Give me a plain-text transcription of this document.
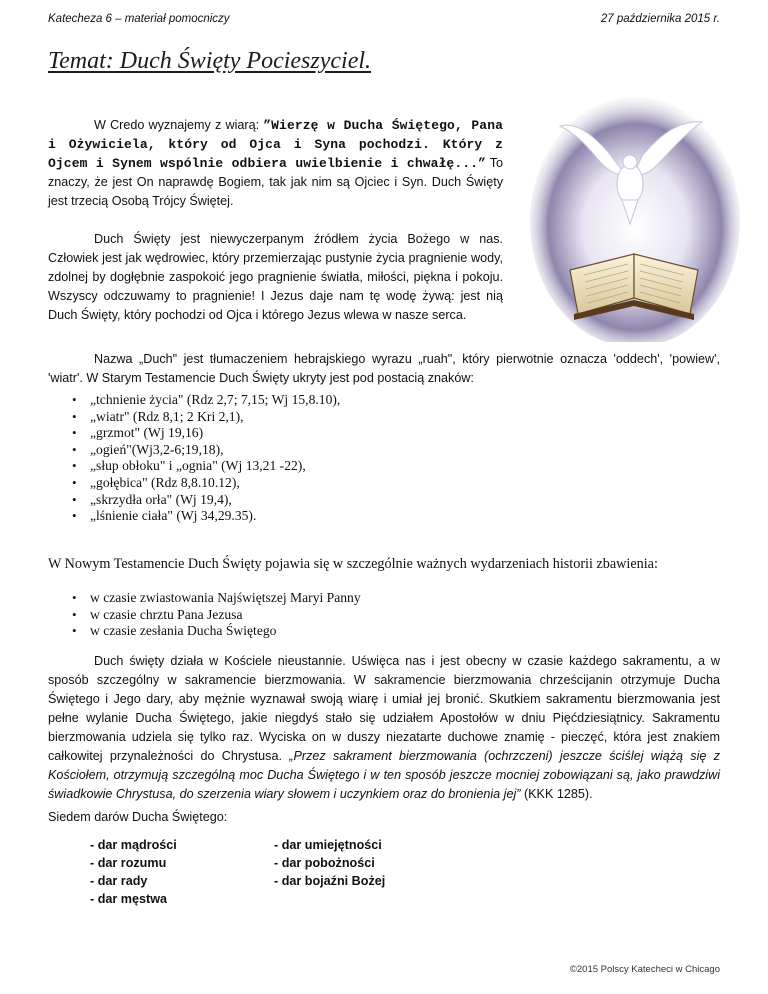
Katecheza 6 – materiał pomocniczy	27 października 2015 r.
Temat: Duch Święty Pocieszyciel.

W Credo wyznajemy z wiarą: ”Wierzę w Ducha Świętego, Pana i Ożywiciela, który od Ojca i Syna pochodzi. Który z Ojcem i Synem wspólnie odbiera uwielbienie i chwałę...” To znaczy, że jest On naprawdę Bogiem, tak jak nim są Ojciec i Syn. Duch Święty jest trzecią Osobą Trójcy Świętej.

Duch Święty jest niewyczerpanym źródłem życia Bożego w nas. Człowiek jest jak wędrowiec, który przemierzając pustynie życia pragnienie wody, zdolnej by dogłębnie zaspokoić jego pragnienie światła, miłości, piękna i pokoju. Wszyscy odczuwamy to pragnienie! I Jezus daje nam tę wodę żywą: jest nią Duch Święty, który pochodzi od Ojca i którego Jezus wlewa w nasze serca.

Nazwa „Duch" jest tłumaczeniem hebrajskiego wyrazu „ruah", który pierwotnie oznacza 'oddech', 'powiew', 'wiatr'. W Starym Testamencie Duch Święty ukryty jest pod postacią znaków:

• „tchnienie życia" (Rdz 2,7; 7,15; Wj 15,8.10),
• „wiatr" (Rdz 8,1; 2 Kri 2,1),
• „grzmot" (Wj 19,16)
• „ogień"(Wj3,2-6;19,18),
• „słup obłoku" i „ognia" (Wj 13,21 -22),
• „gołębica" (Rdz 8,8.10.12),
• „skrzydła orła" (Wj 19,4),
• „lśnienie ciała" (Wj 34,29.35).

W Nowym Testamencie Duch Święty pojawia się w szczególnie ważnych wydarzeniach historii zbawienia:

• w czasie zwiastowania Najświętszej Maryi Panny
• w czasie chrztu Pana Jezusa
• w czasie zesłania Ducha Świętego

Duch święty działa w Kościele nieustannie. Uświęca nas i jest obecny w czasie każdego sakramentu, a w sposób szczególny w sakramencie bierzmowania. W sakramencie bierzmowania chrześcijanin otrzymuje Ducha Świętego i Jego dary, aby mężnie wyznawał swoją wiarę i umiał jej bronić. Skutkiem sakramentu bierzmowania jest pełne wylanie Ducha Świętego, jakie niegdyś stało się udziałem Apostołów w dniu Pięćdziesiątnicy. Sakramentu bierzmowania udziela się tylko raz. Wyciska on w duszy niezatarte duchowe znamię - pieczęć, która jest znakiem całkowitej przynależności do Chrystusa. „Przez sakrament bierzmowania (ochrzczeni) jeszcze ściślej wiążą się z Kościołem, otrzymują szczególną moc Ducha Świętego i w ten sposób jeszcze mocniej zobowiązani są, jako prawdziwi świadkowie Chrystusa, do szerzenia wiary słowem i uczynkiem oraz do bronienia jej” (KKK 1285).

Siedem darów Ducha Świętego:

- dar mądrości
- dar rozumu
- dar rady
- dar męstwa
- dar umiejętności
- dar pobożności
- dar bojaźni Bożej
©2015 Polscy Katecheci w Chicago
